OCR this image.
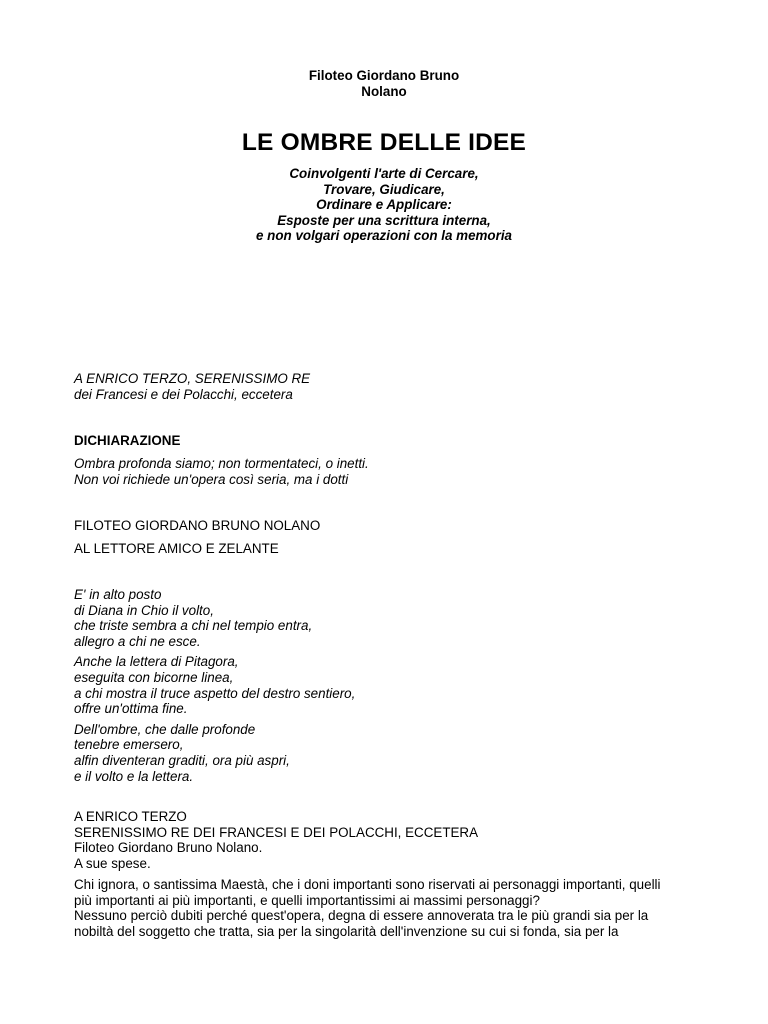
Filoteo Giordano Bruno
Nolano
LE OMBRE DELLE IDEE
Coinvolgenti l'arte di Cercare,
Trovare, Giudicare,
Ordinare e Applicare:
Esposte per una scrittura interna,
e non volgari operazioni con la memoria
A ENRICO TERZO, SERENISSIMO RE
dei Francesi e dei Polacchi, eccetera
DICHIARAZIONE
Ombra profonda siamo; non tormentateci, o inetti.
Non voi richiede un'opera così seria, ma i dotti
FILOTEO GIORDANO BRUNO NOLANO
AL LETTORE AMICO E ZELANTE
E' in alto posto
di Diana in Chio il volto,
che triste sembra a chi nel tempio entra,
allegro a chi ne esce.
Anche la lettera di Pitagora,
eseguita con bicorne linea,
a chi mostra il truce aspetto del destro sentiero,
offre un'ottima fine.
Dell'ombre, che dalle profonde
tenebre emersero,
alfin diventeran graditi, ora più aspri,
e il volto e la lettera.
A ENRICO TERZO
SERENISSIMO RE DEI FRANCESI E DEI POLACCHI, ECCETERA
Filoteo Giordano Bruno Nolano.
A sue spese.
Chi ignora, o santissima Maestà, che i doni importanti sono riservati ai personaggi importanti, quelli
più importanti ai più importanti, e quelli importantissimi ai massimi personaggi?
Nessuno perciò dubiti perché quest'opera, degna di essere annoverata tra le più grandi sia per la
nobiltà del soggetto che tratta, sia per la singolarità dell'invenzione su cui si fonda, sia per la
